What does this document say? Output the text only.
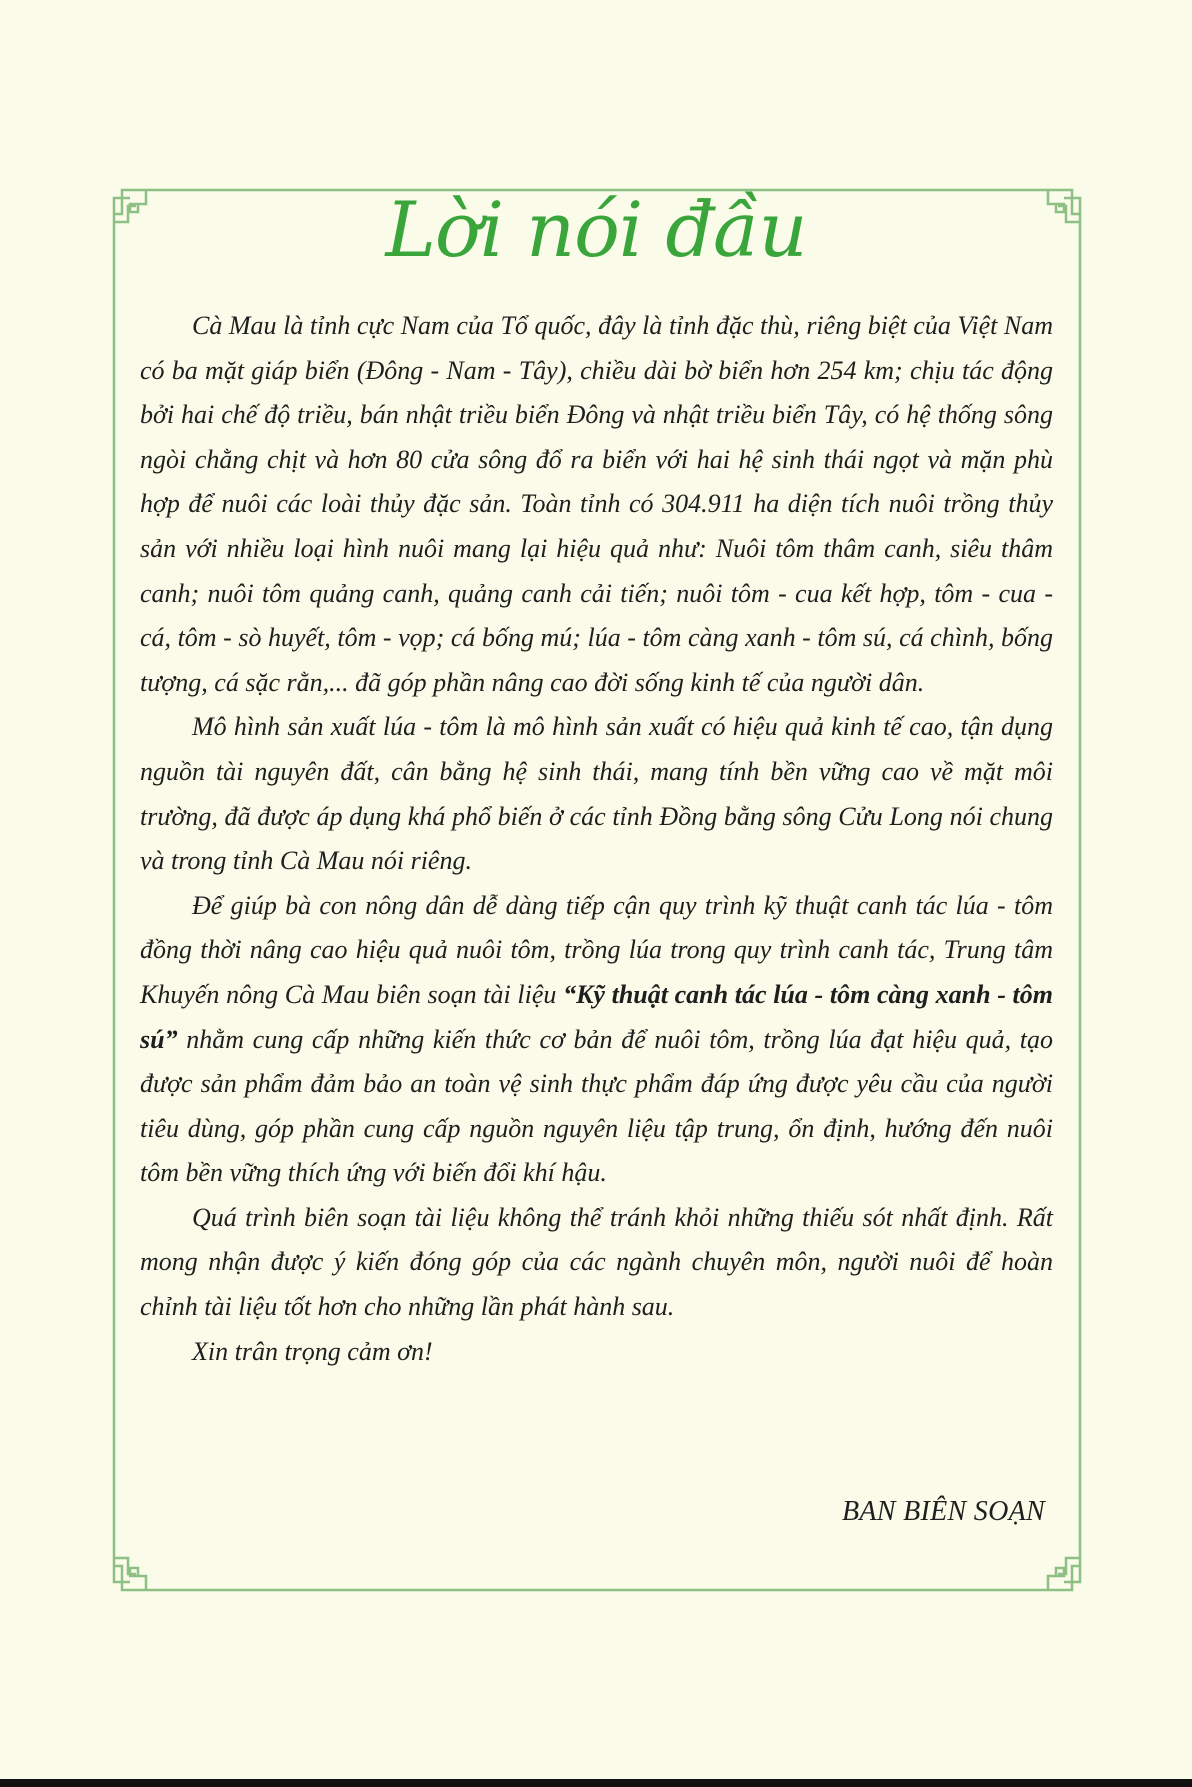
Lời nói đầu

Cà Mau là tỉnh cực Nam của Tổ quốc, đây là tỉnh đặc thù, riêng biệt của Việt Nam có ba mặt giáp biển (Đông - Nam - Tây), chiều dài bờ biển hơn 254 km; chịu tác động bởi hai chế độ triều, bán nhật triều biển Đông và nhật triều biển Tây, có hệ thống sông ngòi chằng chịt và hơn 80 cửa sông đổ ra biển với hai hệ sinh thái ngọt và mặn phù hợp để nuôi các loài thủy đặc sản. Toàn tỉnh có 304.911 ha diện tích nuôi trồng thủy sản với nhiều loại hình nuôi mang lại hiệu quả như: Nuôi tôm thâm canh, siêu thâm canh; nuôi tôm quảng canh, quảng canh cải tiến; nuôi tôm - cua kết hợp, tôm - cua - cá, tôm - sò huyết, tôm - vọp; cá bống mú; lúa - tôm càng xanh - tôm sú, cá chình, bống tượng, cá sặc rằn,... đã góp phần nâng cao đời sống kinh tế của người dân.

Mô hình sản xuất lúa - tôm là mô hình sản xuất có hiệu quả kinh tế cao, tận dụng nguồn tài nguyên đất, cân bằng hệ sinh thái, mang tính bền vững cao về mặt môi trường, đã được áp dụng khá phổ biến ở các tỉnh Đồng bằng sông Cửu Long nói chung và trong tỉnh Cà Mau nói riêng.

Để giúp bà con nông dân dễ dàng tiếp cận quy trình kỹ thuật canh tác lúa - tôm đồng thời nâng cao hiệu quả nuôi tôm, trồng lúa trong quy trình canh tác, Trung tâm Khuyến nông Cà Mau biên soạn tài liệu “Kỹ thuật canh tác lúa - tôm càng xanh - tôm sú” nhằm cung cấp những kiến thức cơ bản để nuôi tôm, trồng lúa đạt hiệu quả, tạo được sản phẩm đảm bảo an toàn vệ sinh thực phẩm đáp ứng được yêu cầu của người tiêu dùng, góp phần cung cấp nguồn nguyên liệu tập trung, ổn định, hướng đến nuôi tôm bền vững thích ứng với biến đổi khí hậu.

Quá trình biên soạn tài liệu không thể tránh khỏi những thiếu sót nhất định. Rất mong nhận được ý kiến đóng góp của các ngành chuyên môn, người nuôi để hoàn chỉnh tài liệu tốt hơn cho những lần phát hành sau.

Xin trân trọng cảm ơn!

BAN BIÊN SOẠN
